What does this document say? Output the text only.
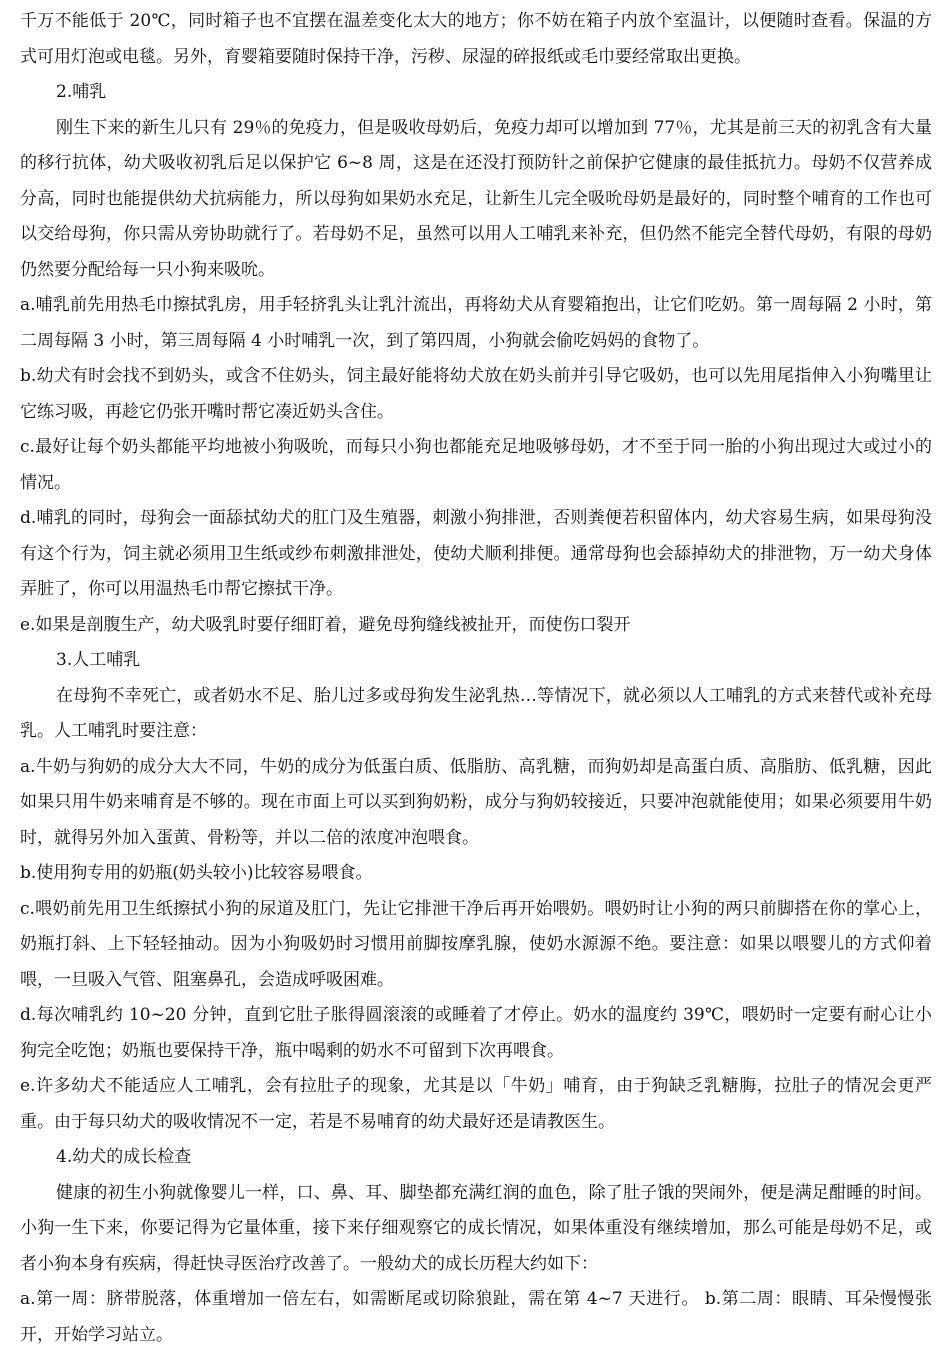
千万不能低于 20℃，同时箱子也不宜摆在温差变化太大的地方；你不妨在箱子内放个室温计，以便随时查看。保温的方式可用灯泡或电毯。另外，育婴箱要随时保持干净，污秽、尿湿的碎报纸或毛巾要经常取出更换。

2.哺乳

刚生下来的新生儿只有 29％的免疫力，但是吸收母奶后，免疫力却可以增加到 77％，尤其是前三天的初乳含有大量的移行抗体，幼犬吸收初乳后足以保护它 6~8 周，这是在还没打预防针之前保护它健康的最佳抵抗力。母奶不仅营养成分高，同时也能提供幼犬抗病能力，所以母狗如果奶水充足，让新生儿完全吸吮母奶是最好的，同时整个哺育的工作也可以交给母狗，你只需从旁协助就行了。若母奶不足，虽然可以用人工哺乳来补充，但仍然不能完全替代母奶，有限的母奶仍然要分配给每一只小狗来吸吮。

a.哺乳前先用热毛巾擦拭乳房，用手轻挤乳头让乳汁流出，再将幼犬从育婴箱抱出，让它们吃奶。第一周每隔 2 小时，第二周每隔 3 小时，第三周每隔 4 小时哺乳一次，到了第四周，小狗就会偷吃妈妈的食物了。

b.幼犬有时会找不到奶头，或含不住奶头，饲主最好能将幼犬放在奶头前并引导它吸奶，也可以先用尾指伸入小狗嘴里让它练习吸，再趁它仍张开嘴时帮它凑近奶头含住。

c.最好让每个奶头都能平均地被小狗吸吮，而每只小狗也都能充足地吸够母奶，才不至于同一胎的小狗出现过大或过小的情况。

d.哺乳的同时，母狗会一面舔拭幼犬的肛门及生殖器，刺激小狗排泄，否则粪便若积留体内，幼犬容易生病，如果母狗没有这个行为，饲主就必须用卫生纸或纱布刺激排泄处，使幼犬顺利排便。通常母狗也会舔掉幼犬的排泄物，万一幼犬身体弄脏了，你可以用温热毛巾帮它擦拭干净。

e.如果是剖腹生产，幼犬吸乳时要仔细盯着，避免母狗缝线被扯开，而使伤口裂开

3.人工哺乳

在母狗不幸死亡，或者奶水不足、胎儿过多或母狗发生泌乳热…等情况下，就必须以人工哺乳的方式来替代或补充母乳。人工哺乳时要注意：

a.牛奶与狗奶的成分大大不同，牛奶的成分为低蛋白质、低脂肪、高乳糖，而狗奶却是高蛋白质、高脂肪、低乳糖，因此如果只用牛奶来哺育是不够的。现在市面上可以买到狗奶粉，成分与狗奶较接近，只要冲泡就能使用；如果必须要用牛奶时，就得另外加入蛋黄、骨粉等，并以二倍的浓度冲泡喂食。

b.使用狗专用的奶瓶(奶头较小)比较容易喂食。

c.喂奶前先用卫生纸擦拭小狗的尿道及肛门，先让它排泄干净后再开始喂奶。喂奶时让小狗的两只前脚搭在你的掌心上，奶瓶打斜、上下轻轻抽动。因为小狗吸奶时习惯用前脚按摩乳腺，使奶水源源不绝。要注意：如果以喂婴儿的方式仰着喂，一旦吸入气管、阻塞鼻孔，会造成呼吸困难。

d.每次哺乳约 10~20 分钟，直到它肚子胀得圆滚滚的或睡着了才停止。奶水的温度约 39℃，喂奶时一定要有耐心让小狗完全吃饱；奶瓶也要保持干净，瓶中喝剩的奶水不可留到下次再喂食。

e.许多幼犬不能适应人工哺乳，会有拉肚子的现象，尤其是以「牛奶」哺育，由于狗缺乏乳糖脢，拉肚子的情况会更严重。由于每只幼犬的吸收情况不一定，若是不易哺育的幼犬最好还是请教医生。

4.幼犬的成长检查

健康的初生小狗就像婴儿一样，口、鼻、耳、脚垫都充满红润的血色，除了肚子饿的哭闹外，便是满足酣睡的时间。小狗一生下来，你要记得为它量体重，接下来仔细观察它的成长情况，如果体重没有继续增加，那么可能是母奶不足，或者小狗本身有疾病，得赶快寻医治疗改善了。一般幼犬的成长历程大约如下：

a.第一周：脐带脱落，体重增加一倍左右，如需断尾或切除狼趾，需在第 4~7 天进行。 b.第二周：眼睛、耳朵慢慢张开，开始学习站立。
